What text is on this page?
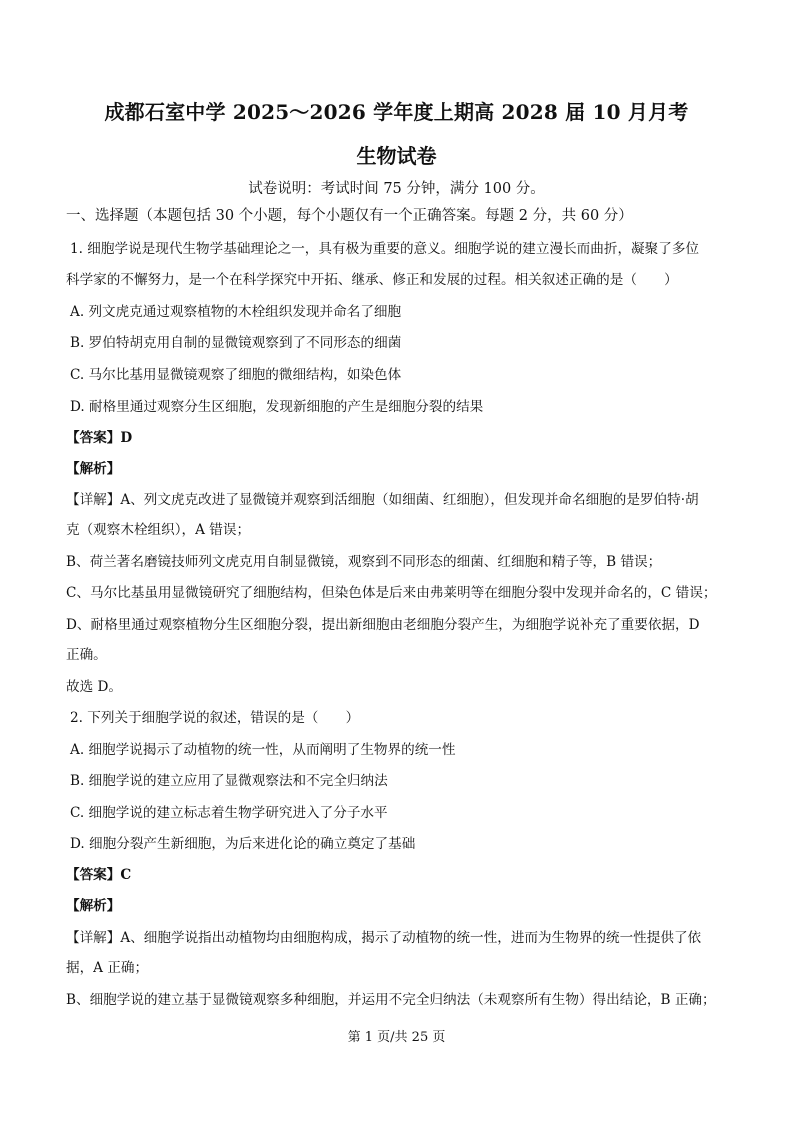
成都石室中学 2025～2026 学年度上期高 2028 届 10 月月考
生物试卷
试卷说明：考试时间 75 分钟，满分 100 分。
一、选择题（本题包括 30 个小题，每个小题仅有一个正确答案。每题 2 分，共 60 分）
1. 细胞学说是现代生物学基础理论之一，具有极为重要的意义。细胞学说的建立漫长而曲折，凝聚了多位
科学家的不懈努力，是一个在科学探究中开拓、继承、修正和发展的过程。相关叙述正确的是（　　）
A. 列文虎克通过观察植物的木栓组织发现并命名了细胞
B. 罗伯特胡克用自制的显微镜观察到了不同形态的细菌
C. 马尔比基用显微镜观察了细胞的微细结构，如染色体
D. 耐格里通过观察分生区细胞，发现新细胞的产生是细胞分裂的结果
【答案】D
【解析】
【详解】A、列文虎克改进了显微镜并观察到活细胞（如细菌、红细胞），但发现并命名细胞的是罗伯特·胡
克（观察木栓组织），A 错误；
B、荷兰著名磨镜技师列文虎克用自制显微镜，观察到不同形态的细菌、红细胞和精子等，B 错误；
C、马尔比基虽用显微镜研究了细胞结构，但染色体是后来由弗莱明等在细胞分裂中发现并命名的，C 错误；
D、耐格里通过观察植物分生区细胞分裂，提出新细胞由老细胞分裂产生，为细胞学说补充了重要依据，D
正确。
故选 D。
2. 下列关于细胞学说的叙述，错误的是（　　）
A. 细胞学说揭示了动植物的统一性，从而阐明了生物界的统一性
B. 细胞学说的建立应用了显微观察法和不完全归纳法
C. 细胞学说的建立标志着生物学研究进入了分子水平
D. 细胞分裂产生新细胞，为后来进化论的确立奠定了基础
【答案】C
【解析】
【详解】A、细胞学说指出动植物均由细胞构成，揭示了动植物的统一性，进而为生物界的统一性提供了依
据，A 正确；
B、细胞学说的建立基于显微镜观察多种细胞，并运用不完全归纳法（未观察所有生物）得出结论，B 正确；
第 1 页/共 25 页
